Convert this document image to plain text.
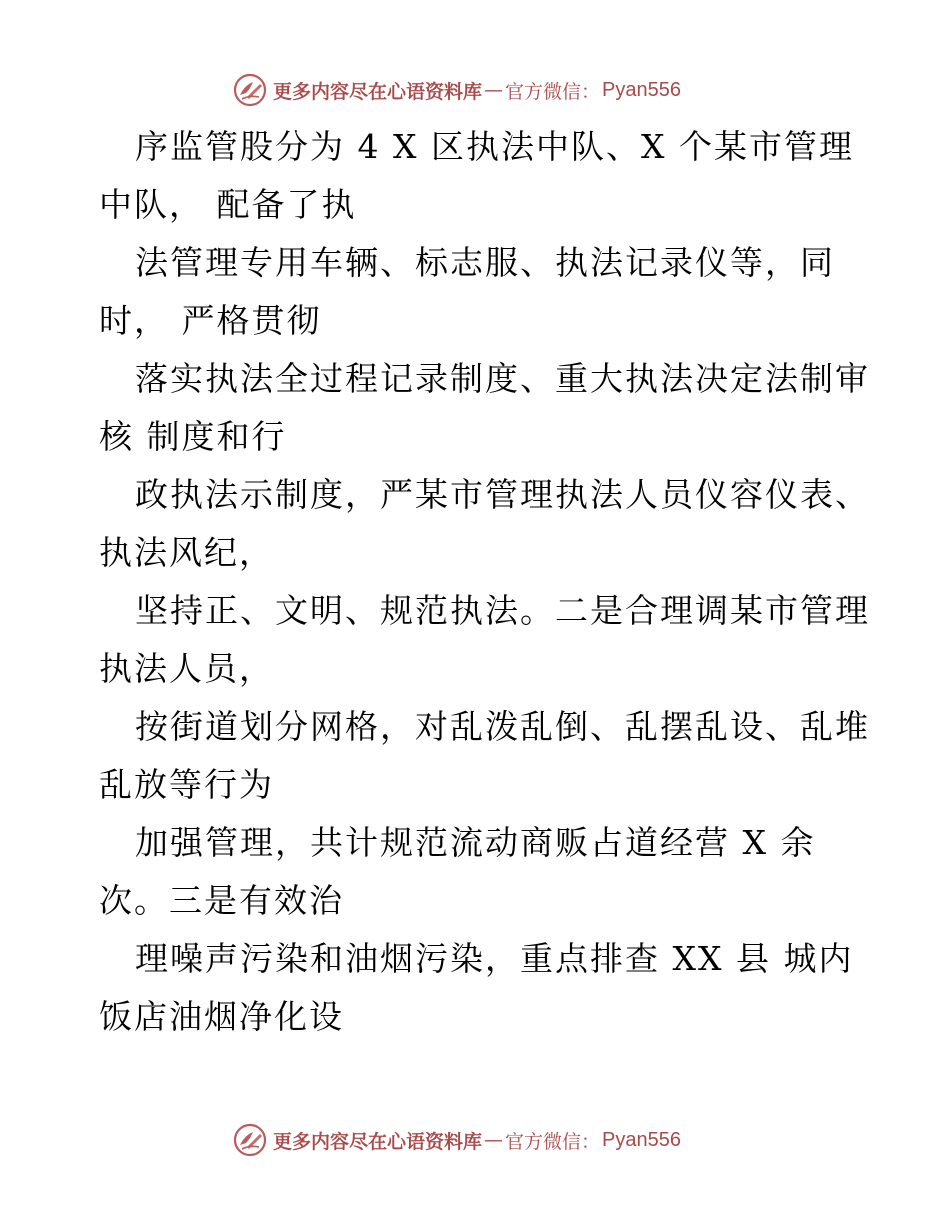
更多内容尽在心语资料库 — 官方微信： Pyan556
序监管股分为 4 X 区执法中队、X 个某市管理
中队， 配备了执
法管理专用车辆、标志服、执法记录仪等，同
时， 严格贯彻
落实执法全过程记录制度、重大执法决定法制审
核 制度和行
政执法示制度，严某市管理执法人员仪容仪表、
执法风纪，
坚持正、文明、规范执法。二是合理调某市管理
执法人员，
按街道划分网格，对乱泼乱倒、乱摆乱设、乱堆
乱放等行为
加强管理，共计规范流动商贩占道经营 X 余
次。三是有效治
理噪声污染和油烟污染，重点排查 XX 县 城内
饭店油烟净化设
更多内容尽在心语资料库 — 官方微信： Pyan556
